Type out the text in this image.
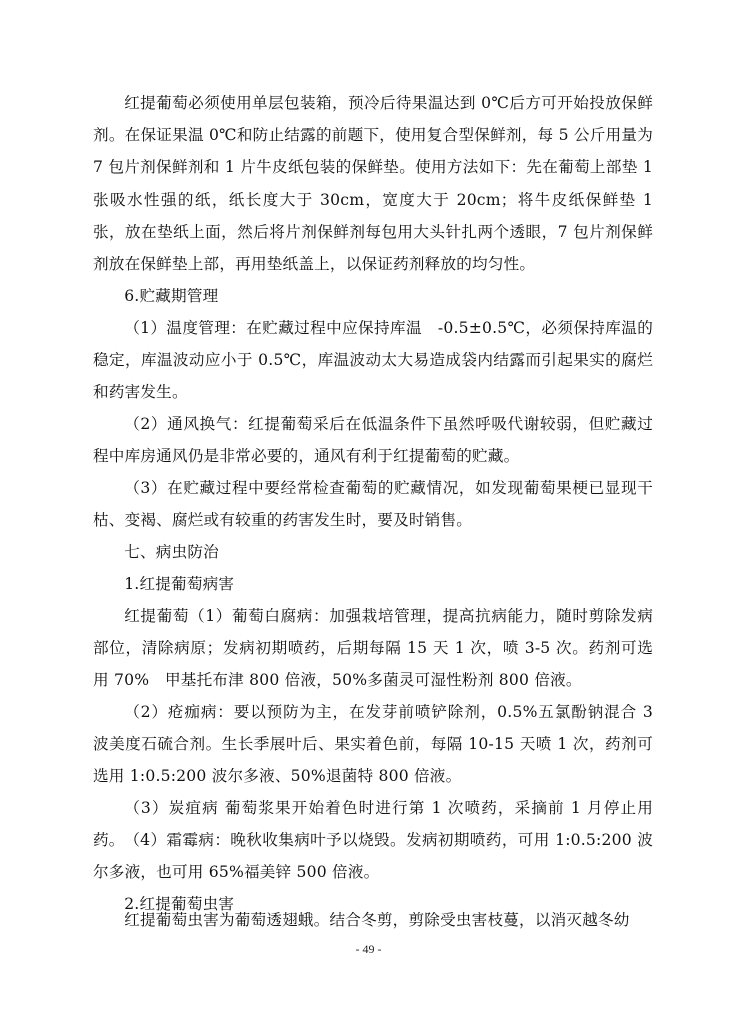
红提葡萄必须使用单层包装箱，预冷后待果温达到 0℃后方可开始投放保鲜剂。在保证果温 0℃和防止结露的前题下，使用复合型保鲜剂，每 5 公斤用量为 7 包片剂保鲜剂和 1 片牛皮纸包装的保鲜垫。使用方法如下：先在葡萄上部垫 1 张吸水性强的纸，纸长度大于 30cm，宽度大于 20cm；将牛皮纸保鲜垫 1 张，放在垫纸上面，然后将片剂保鲜剂每包用大头针扎两个透眼，7 包片剂保鲜剂放在保鲜垫上部，再用垫纸盖上，以保证药剂释放的均匀性。

6.贮藏期管理

（1）温度管理：在贮藏过程中应保持库温　-0.5±0.5℃，必须保持库温的稳定，库温波动应小于 0.5℃，库温波动太大易造成袋内结露而引起果实的腐烂和药害发生。

（2）通风换气：红提葡萄采后在低温条件下虽然呼吸代谢较弱，但贮藏过程中库房通风仍是非常必要的，通风有利于红提葡萄的贮藏。

（3）在贮藏过程中要经常检查葡萄的贮藏情况，如发现葡萄果梗已显现干枯、变褐、腐烂或有较重的药害发生时，要及时销售。

七、病虫防治

1.红提葡萄病害

红提葡萄（1）葡萄白腐病：加强栽培管理，提高抗病能力，随时剪除发病部位，清除病原；发病初期喷药，后期每隔 15 天 1 次，喷 3-5 次。药剂可选用 70%　甲基托布津 800 倍液，50%多菌灵可湿性粉剂 800 倍液。

（2）疮痂病：要以预防为主，在发芽前喷铲除剂，0.5%五氯酚钠混合 3 波美度石硫合剂。生长季展叶后、果实着色前，每隔 10-15 天喷 1 次，药剂可选用 1:0.5:200 波尔多液、50%退菌特 800 倍液。

（3）炭疽病 葡萄浆果开始着色时进行第 1 次喷药，采摘前 1 月停止用药。 （4）霜霉病：晚秋收集病叶予以烧毁。发病初期喷药，可用 1:0.5:200 波尔多液，也可用 65%福美锌 500 倍液。

2.红提葡萄虫害

红提葡萄虫害为葡萄透翅蛾。结合冬剪，剪除受虫害枝蔓，以消灭越冬幼

- 49 -
